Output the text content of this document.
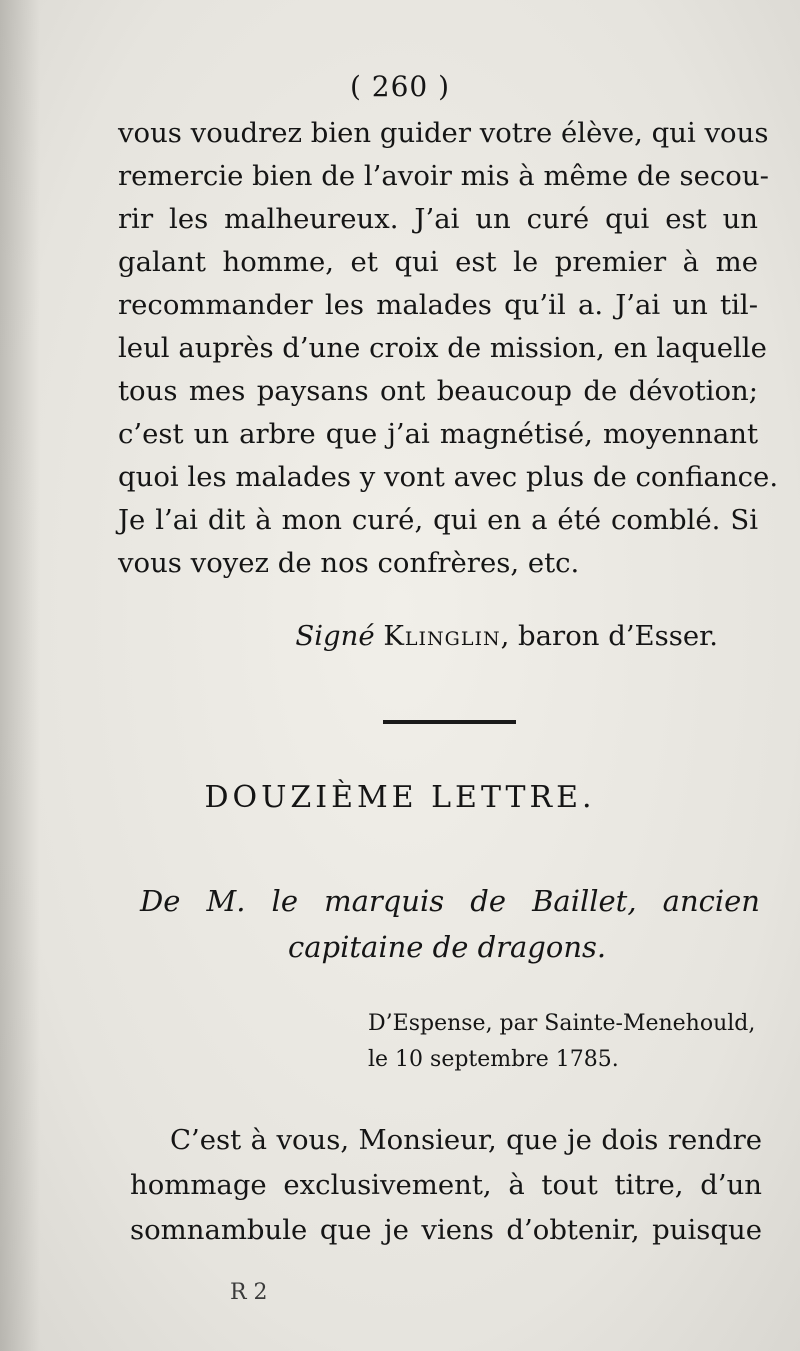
( 260 )
vous voudrez bien guider votre élève, qui vous
remercie bien de l’avoir mis à même de secou-
rir les malheureux. J’ai un curé qui est un
galant homme, et qui est le premier à me
recommander les malades qu’il a. J’ai un til-
leul auprès d’une croix de mission, en laquelle
tous mes paysans ont beaucoup de dévotion;
c’est un arbre que j’ai magnétisé, moyennant
quoi les malades y vont avec plus de confiance.
Je l’ai dit à mon curé, qui en a été comblé. Si
vous voyez de nos confrères, etc.
Signé Klinglin, baron d’Esser.
DOUZIÈME LETTRE.
De M. le marquis de Baillet, ancien
capitaine de dragons.
D’Espense, par Sainte-Menehould,
le 10 septembre 1785.
C’est à vous, Monsieur, que je dois rendre
hommage exclusivement, à tout titre, d’un
somnambule que je viens d’obtenir, puisque
R 2
